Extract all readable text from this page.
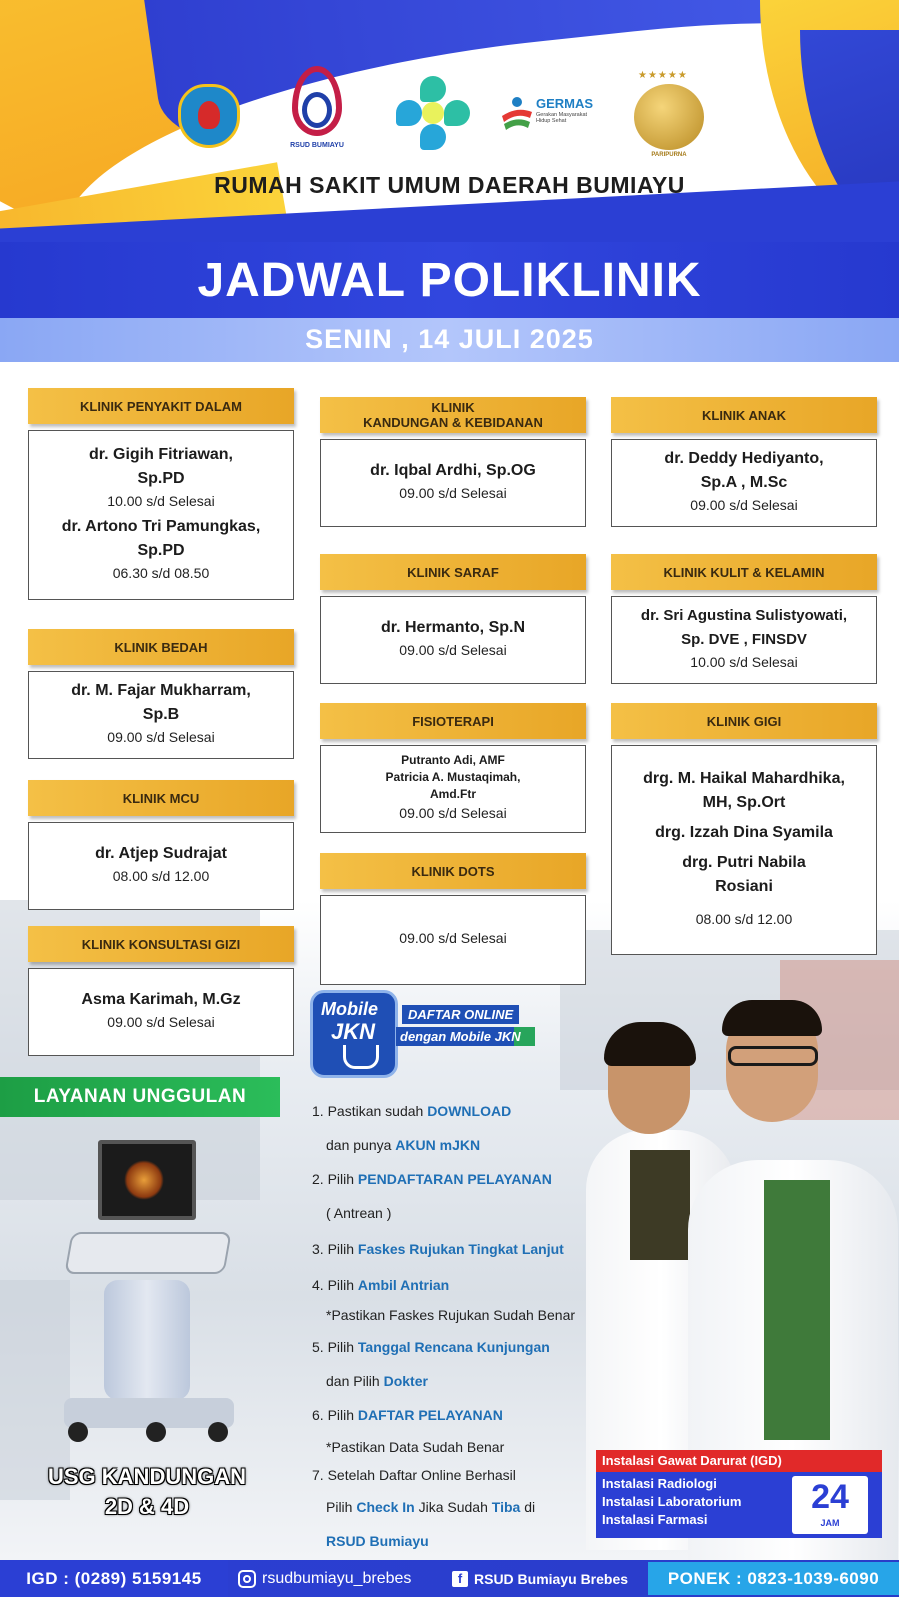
RSUD BUMIAYU
GERMAS
Gerakan Masyarakat Hidup Sehat
★★★★★
PARIPURNA
RUMAH SAKIT UMUM DAERAH BUMIAYU
JADWAL POLIKLINIK
SENIN , 14 JULI 2025
KLINIK PENYAKIT DALAM
dr. Gigih Fitriawan,
Sp.PD
10.00 s/d Selesai
dr. Artono Tri Pamungkas,
Sp.PD
06.30 s/d 08.50
KLINIK BEDAH
dr. M. Fajar Mukharram,
Sp.B
09.00 s/d Selesai
KLINIK MCU
dr. Atjep Sudrajat
08.00 s/d 12.00
KLINIK KONSULTASI GIZI
Asma Karimah, M.Gz
09.00 s/d Selesai
KLINIK
KANDUNGAN & KEBIDANAN
dr. Iqbal Ardhi, Sp.OG
09.00 s/d Selesai
KLINIK SARAF
dr. Hermanto, Sp.N
09.00 s/d Selesai
FISIOTERAPI
Putranto Adi, AMF
Patricia A. Mustaqimah,
Amd.Ftr
09.00 s/d Selesai
KLINIK DOTS
09.00 s/d Selesai
KLINIK ANAK
dr. Deddy Hediyanto,
Sp.A , M.Sc
09.00 s/d Selesai
KLINIK KULIT & KELAMIN
dr. Sri Agustina Sulistyowati,
Sp. DVE , FINSDV
10.00 s/d Selesai
KLINIK GIGI
drg. M. Haikal Mahardhika,
MH, Sp.Ort
drg. Izzah Dina Syamila
drg. Putri Nabila
Rosiani
08.00 s/d 12.00
LAYANAN UNGGULAN
USG KANDUNGAN
2D & 4D
Mobile
JKN
DAFTAR ONLINE
dengan Mobile JKN
1. Pastikan sudah DOWNLOAD
dan punya AKUN mJKN
2. Pilih PENDAFTARAN PELAYANAN
( Antrean )
3. Pilih Faskes Rujukan Tingkat Lanjut
4. Pilih Ambil Antrian
*Pastikan Faskes Rujukan Sudah Benar
5. Pilih Tanggal Rencana Kunjungan
dan Pilih Dokter
6. Pilih DAFTAR PELAYANAN
*Pastikan Data Sudah Benar
7. Setelah Daftar Online Berhasil
Pilih Check In Jika Sudah Tiba di
RSUD Bumiayu
Instalasi Gawat Darurat (IGD)
Instalasi Radiologi
Instalasi Laboratorium
Instalasi Farmasi
24
JAM
IGD : (0289) 5159145	rsudbumiayu_brebes	f RSUD Bumiayu Brebes	PONEK : 0823-1039-6090
